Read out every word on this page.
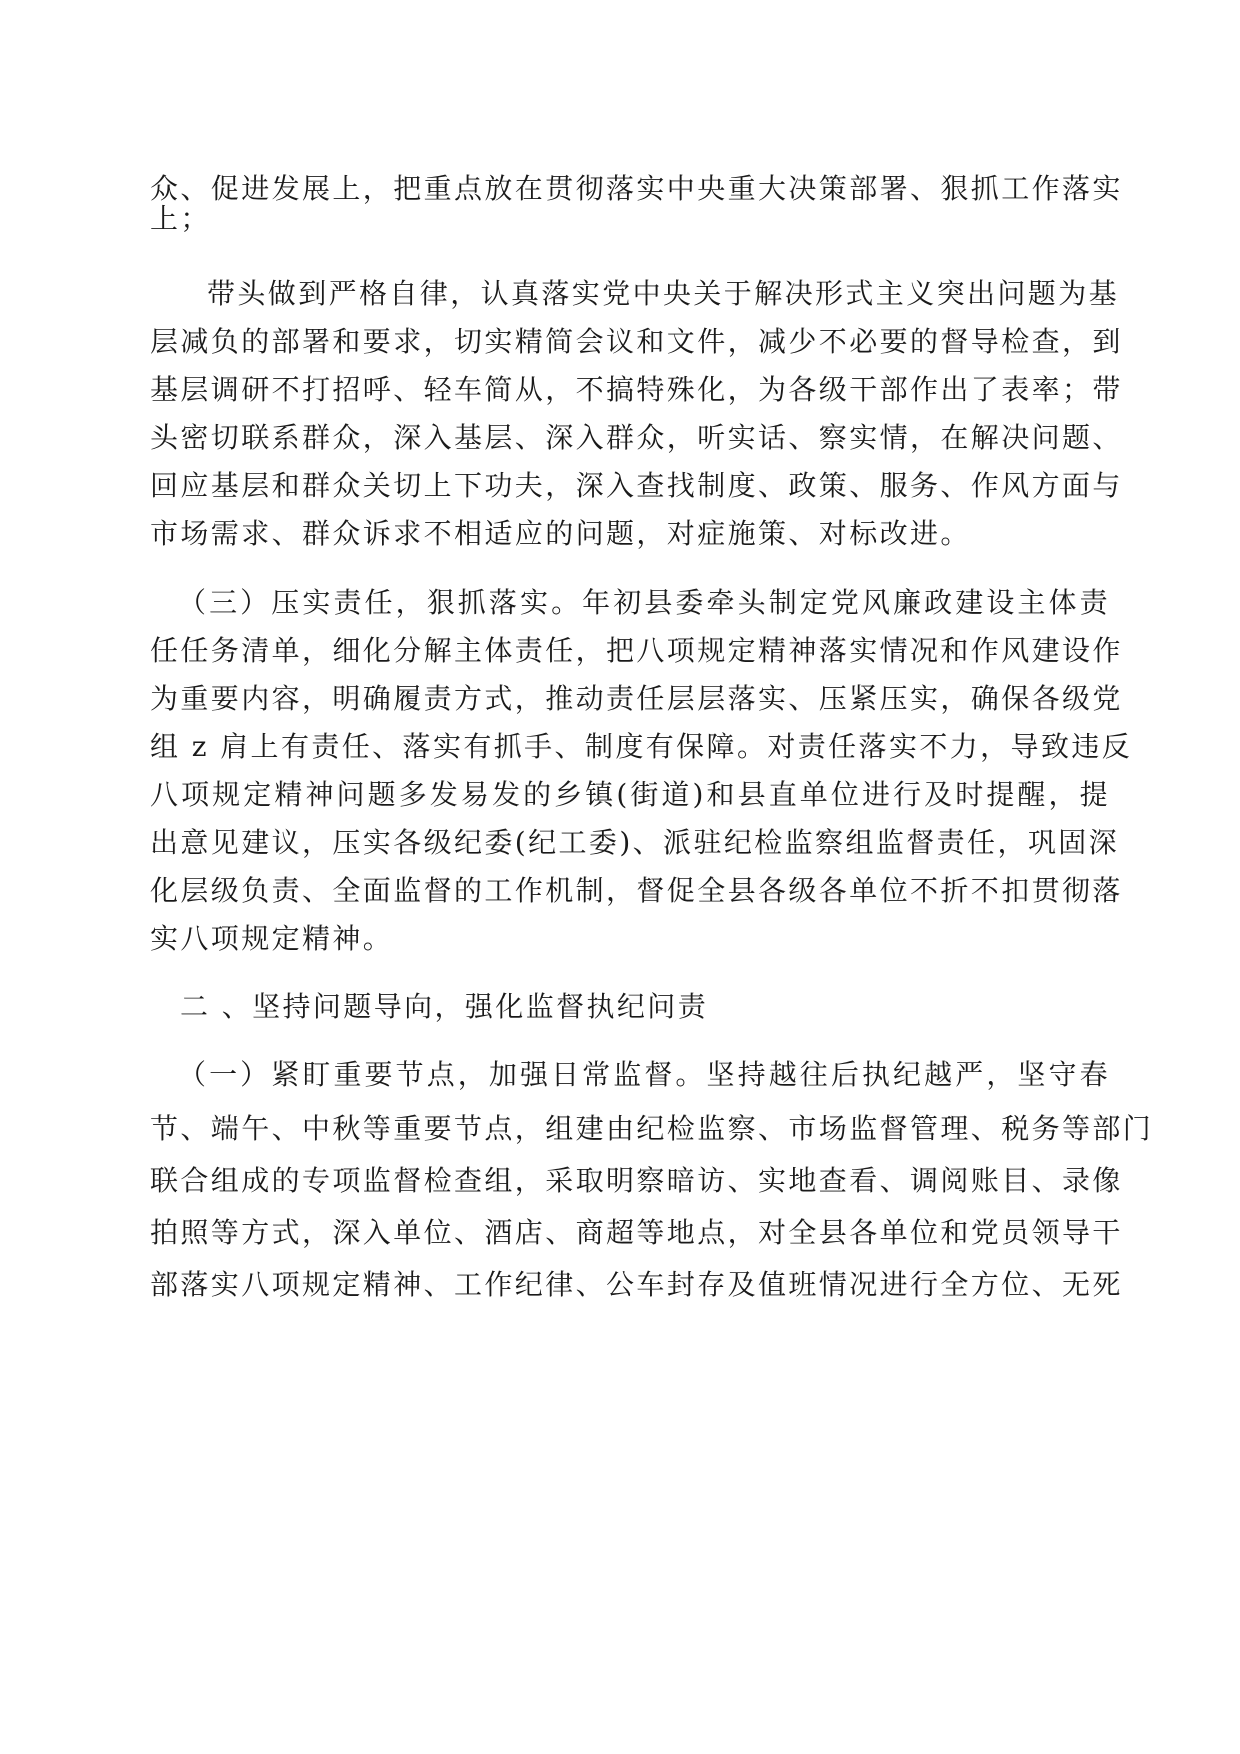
众、促进发展上，把重点放在贯彻落实中央重大决策部署、狠抓工作落实
上；
带头做到严格自律，认真落实党中央关于解决形式主义突出问题为基
层减负的部署和要求，切实精简会议和文件，减少不必要的督导检查，到
基层调研不打招呼、轻车简从，不搞特殊化，为各级干部作出了表率；带
头密切联系群众，深入基层、深入群众，听实话、察实情，在解决问题、
回应基层和群众关切上下功夫，深入查找制度、政策、服务、作风方面与
市场需求、群众诉求不相适应的问题，对症施策、对标改进。
（三）压实责任，狠抓落实。年初县委牵头制定党风廉政建设主体责
任任务清单，细化分解主体责任，把八项规定精神落实情况和作风建设作
为重要内容，明确履责方式，推动责任层层落实、压紧压实，确保各级党
组 z 肩上有责任、落实有抓手、制度有保障。对责任落实不力，导致违反
八项规定精神问题多发易发的乡镇(街道)和县直单位进行及时提醒，提
出意见建议，压实各级纪委(纪工委)、派驻纪检监察组监督责任，巩固深
化层级负责、全面监督的工作机制，督促全县各级各单位不折不扣贯彻落
实八项规定精神。
二 、坚持问题导向，强化监督执纪问责
（一）紧盯重要节点，加强日常监督。坚持越往后执纪越严，坚守春
节、端午、中秋等重要节点，组建由纪检监察、市场监督管理、税务等部门
联合组成的专项监督检查组，采取明察暗访、实地查看、调阅账目、录像
拍照等方式，深入单位、酒店、商超等地点，对全县各单位和党员领导干
部落实八项规定精神、工作纪律、公车封存及值班情况进行全方位、无死
